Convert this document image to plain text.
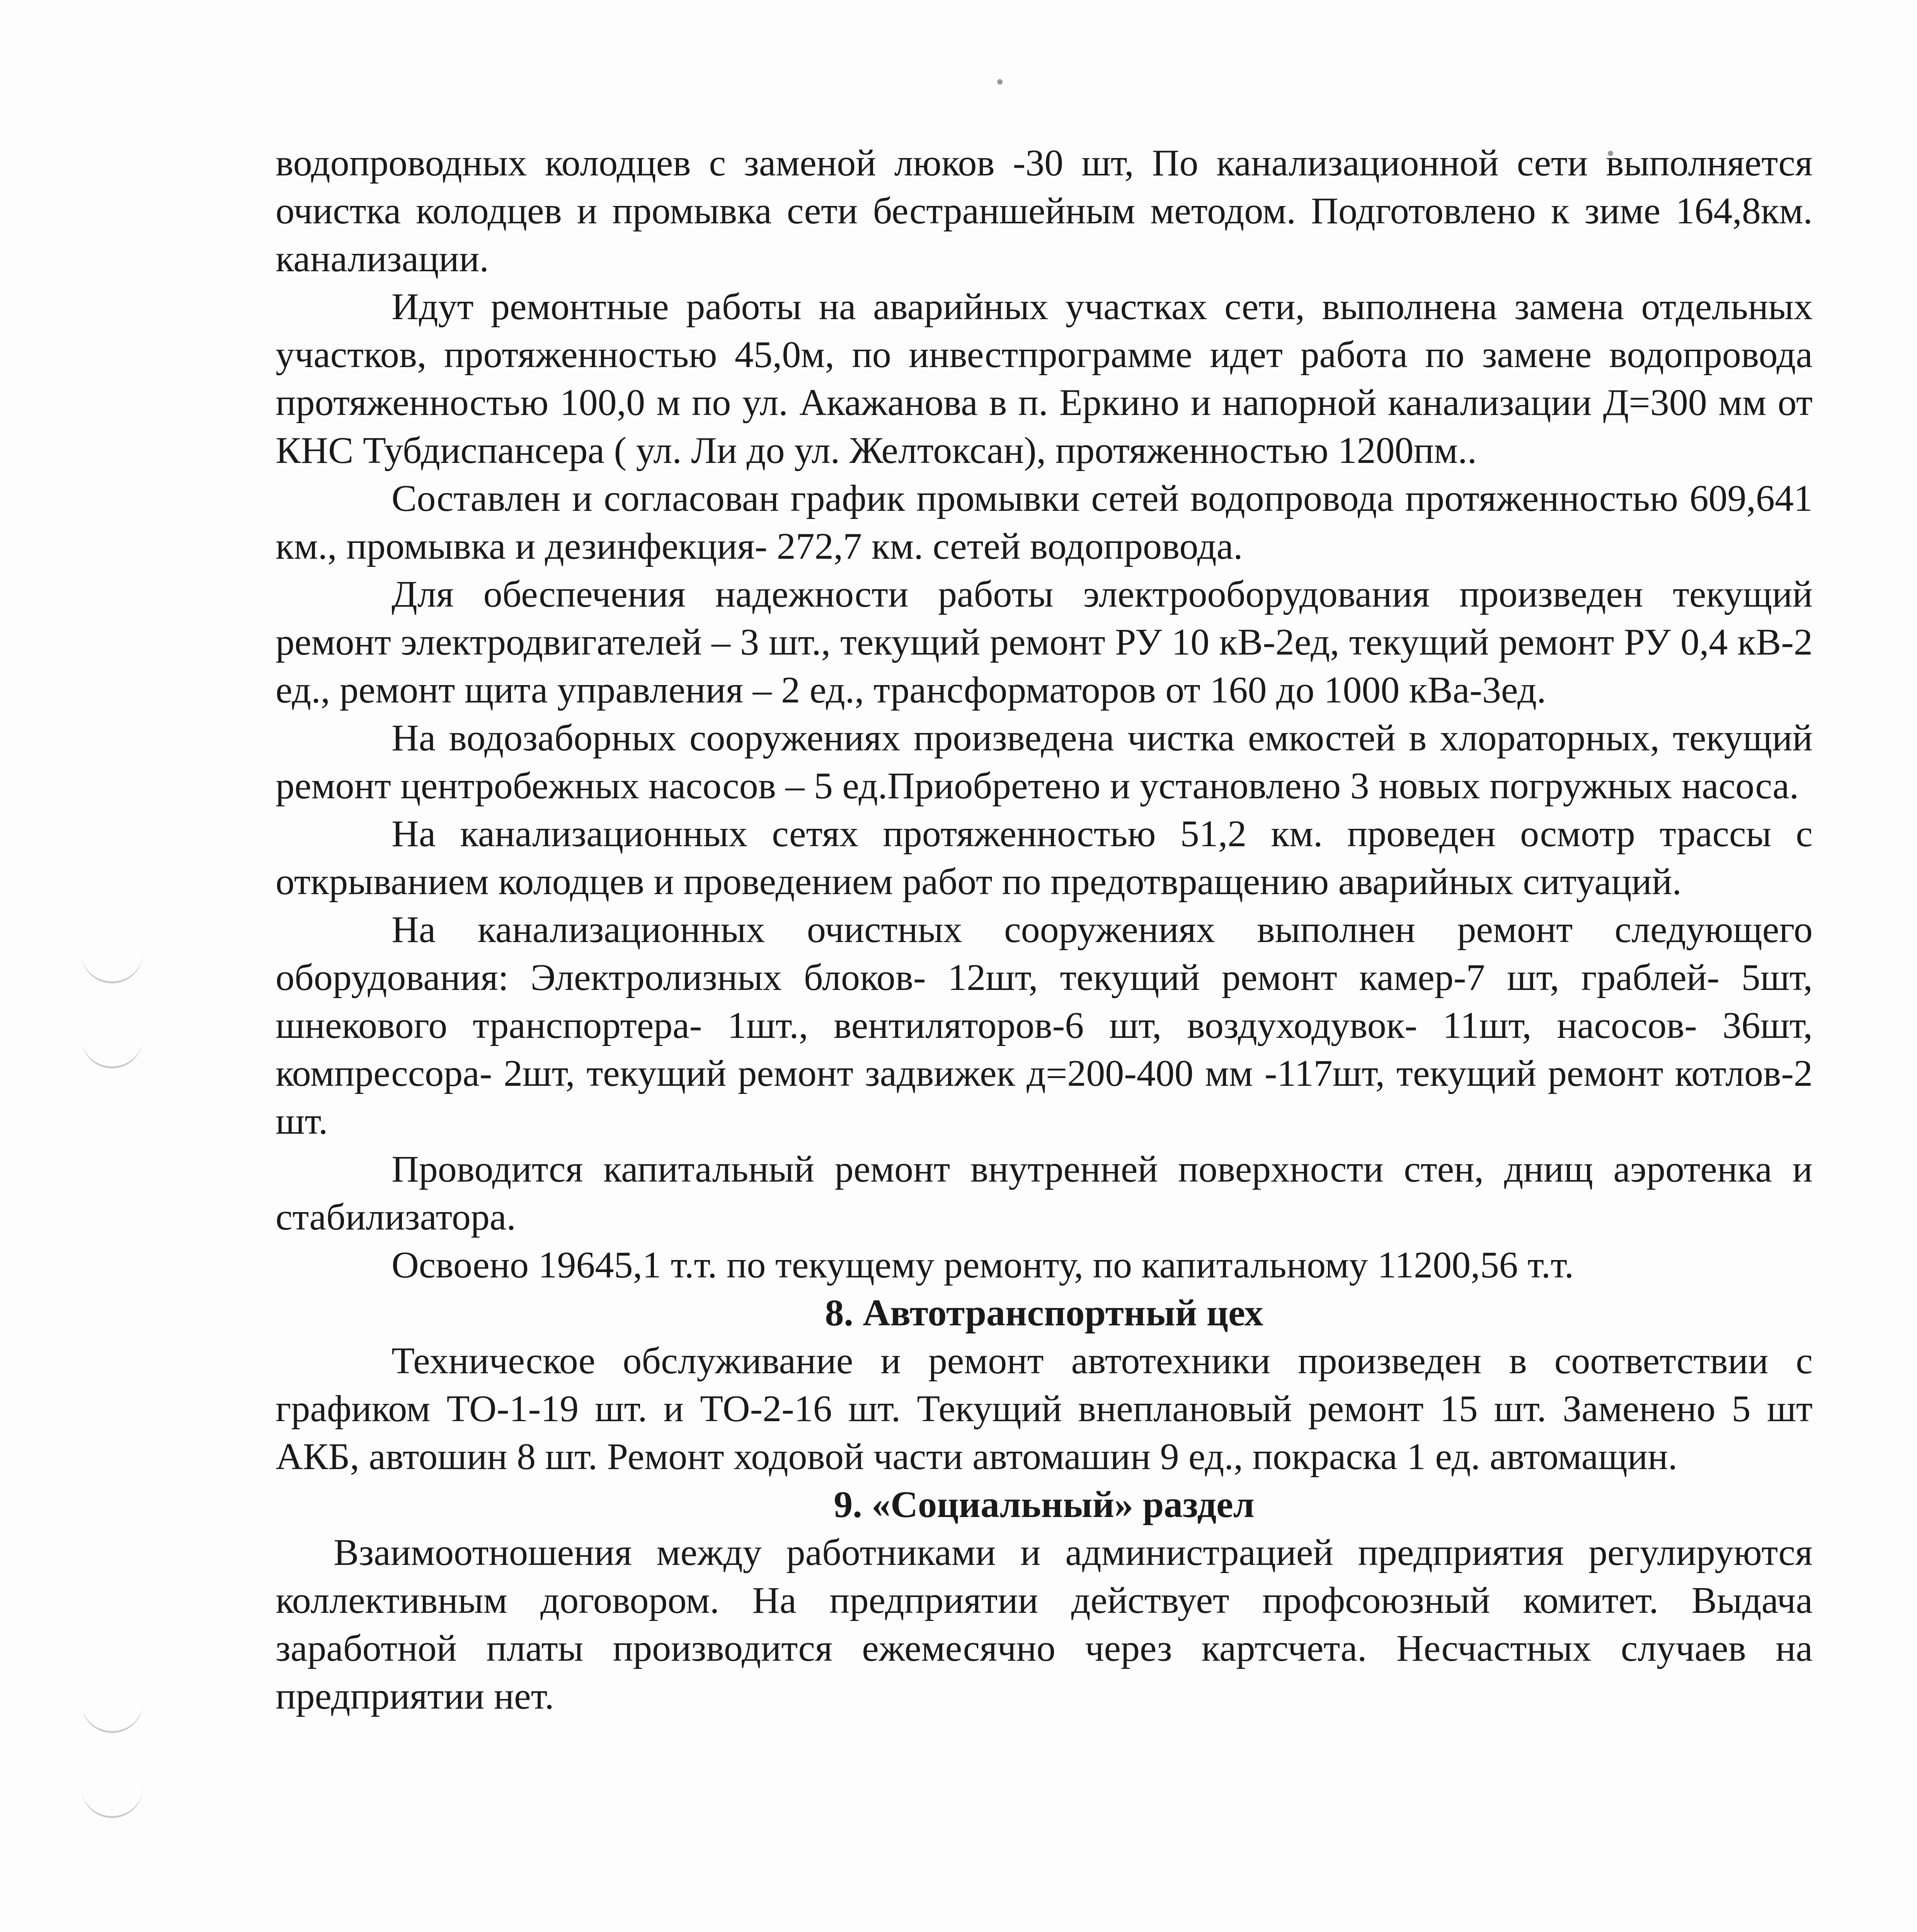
водопроводных колодцев с заменой люков -30 шт, По канализационной сети выполняется очистка колодцев и промывка сети бестраншейным методом. Подготовлено к зиме 164,8км. канализации.

Идут ремонтные работы на аварийных участках сети, выполнена замена отдельных участков, протяженностью 45,0м, по инвестпрограмме идет работа по замене водопровода протяженностью 100,0 м по ул. Акажанова в п. Еркино и напорной канализации Д=300 мм от КНС Тубдиспансера ( ул. Ли до ул. Желтоксан), протяженностью 1200пм..

Составлен и согласован график промывки сетей водопровода протяженностью 609,641 км., промывка и дезинфекция- 272,7 км. сетей водопровода.

Для обеспечения надежности работы электрооборудования произведен текущий ремонт электродвигателей – 3 шт., текущий ремонт РУ 10 кВ-2ед, текущий ремонт РУ 0,4 кВ-2 ед., ремонт щита управления – 2 ед., трансформаторов от 160 до 1000 кВа-3ед.

На водозаборных сооружениях произведена чистка емкостей в хлораторных, текущий ремонт центробежных насосов – 5 ед.Приобретено и установлено 3 новых погружных насоса.

На канализационных сетях протяженностью 51,2 км. проведен осмотр трассы с открыванием колодцев и проведением работ по предотвращению аварийных ситуаций.

На канализационных очистных сооружениях выполнен ремонт следующего оборудования: Электролизных блоков- 12шт, текущий ремонт камер-7 шт, граблей- 5шт, шнекового транспортера- 1шт., вентиляторов-6 шт, воздуходувок- 11шт, насосов- 36шт, компрессора- 2шт, текущий ремонт задвижек д=200-400 мм -117шт, текущий ремонт котлов-2 шт.

Проводится капитальный ремонт внутренней поверхности стен, днищ аэротенка и стабилизатора.

Освоено 19645,1 т.т. по текущему ремонту, по капитальному 11200,56 т.т.

8. Автотранспортный цех

Техническое обслуживание и ремонт автотехники произведен в соответствии с графиком ТО-1-19 шт. и ТО-2-16 шт. Текущий внеплановый ремонт 15 шт. Заменено 5 шт АКБ, автошин 8 шт. Ремонт ходовой части автомашин 9 ед., покраска 1 ед. автомащин.

9. «Социальный» раздел

Взаимоотношения между работниками и администрацией предприятия регулируются коллективным договором. На предприятии действует профсоюзный комитет. Выдача заработной платы производится ежемесячно через картсчета. Несчастных случаев на предприятии нет.
